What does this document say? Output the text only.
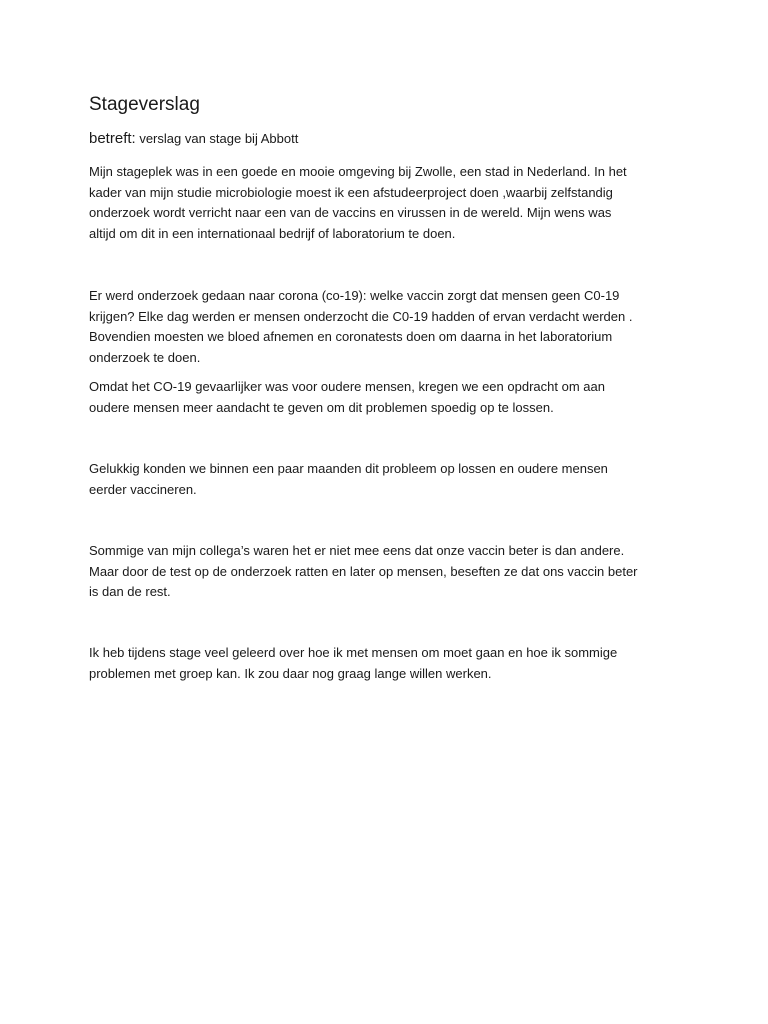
Stageverslag
betreft: verslag van stage bij Abbott
Mijn stageplek was in een goede en mooie omgeving bij Zwolle, een stad in Nederland. In het
kader van mijn studie microbiologie moest ik een afstudeerproject doen ,waarbij zelfstandig
onderzoek wordt verricht naar een van de vaccins en virussen in de wereld. Mijn wens was
altijd om dit in een internationaal bedrijf of laboratorium te doen.
Er werd onderzoek gedaan naar corona (co-19): welke vaccin zorgt dat mensen geen C0-19
krijgen? Elke dag werden er mensen onderzocht die C0-19 hadden of ervan verdacht werden .
Bovendien moesten we bloed afnemen en coronatests doen om daarna in het laboratorium
onderzoek te doen.
Omdat het CO-19 gevaarlijker was voor oudere mensen, kregen we een opdracht om aan
oudere mensen meer aandacht te geven om dit problemen spoedig op te lossen.
Gelukkig konden we binnen een paar maanden dit probleem op lossen en oudere mensen
eerder vaccineren.
Sommige van mijn collega’s waren het er niet mee eens dat onze vaccin beter is dan andere.
Maar door de test op de onderzoek ratten en later op mensen, beseften ze dat ons vaccin beter
is dan de rest.
Ik heb tijdens stage veel geleerd over hoe ik met mensen om moet gaan en hoe ik sommige
problemen met groep kan. Ik zou daar nog graag lange willen werken.
